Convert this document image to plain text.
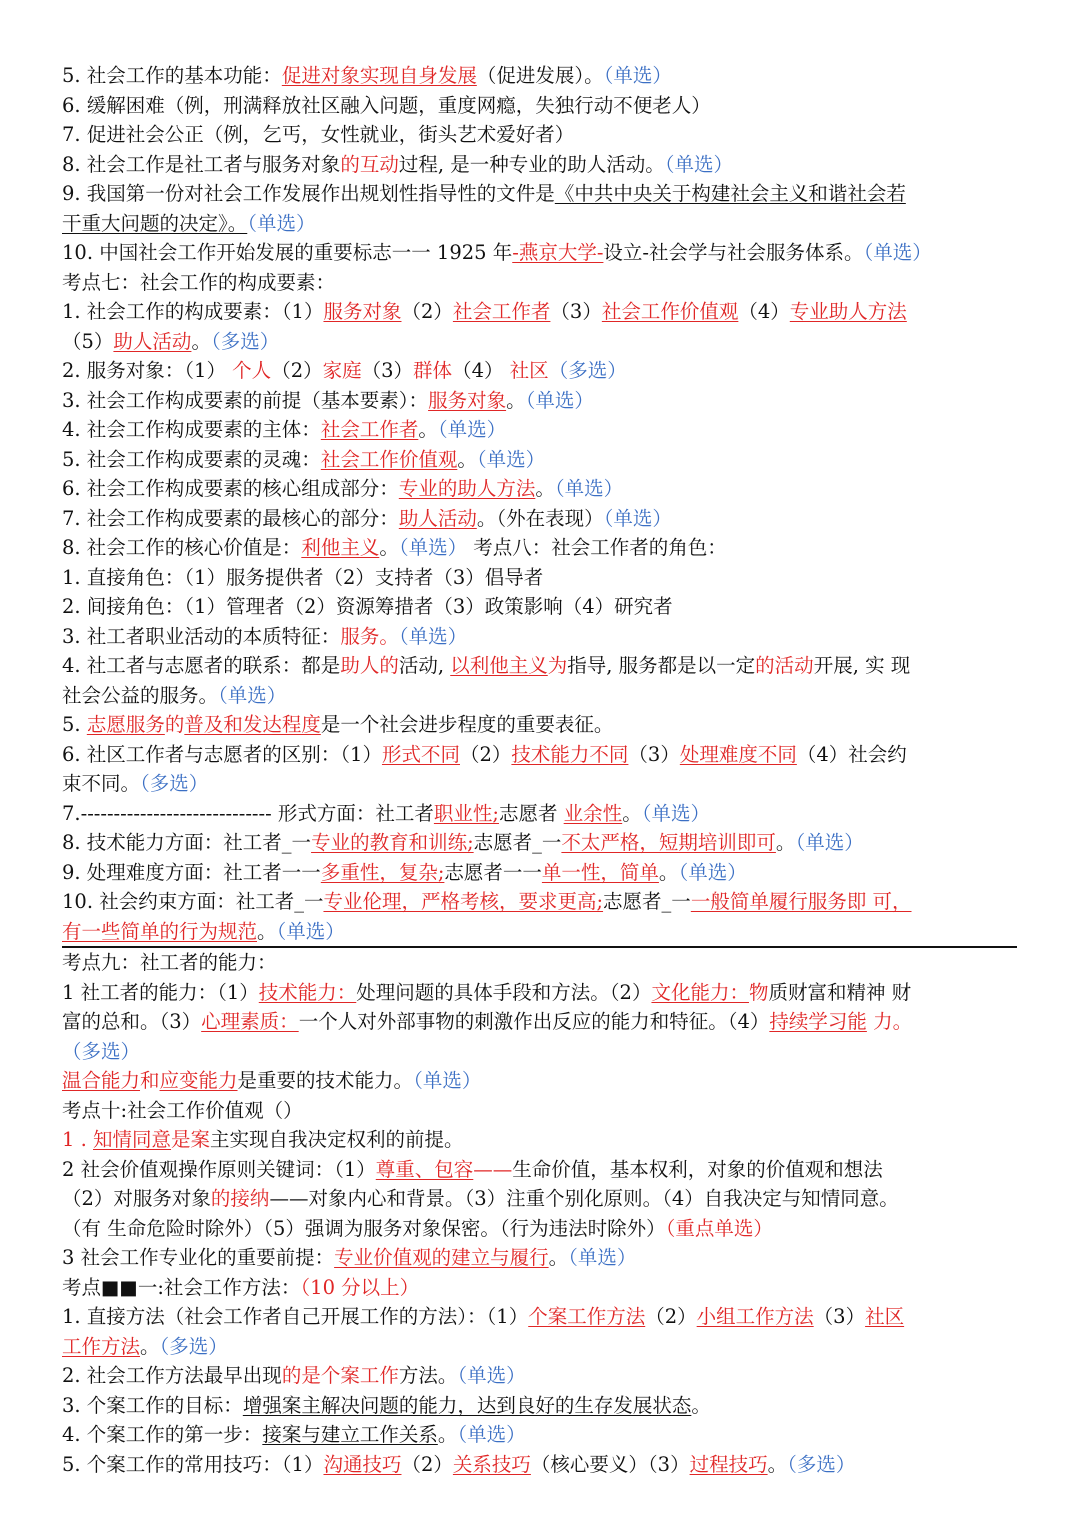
5. 社会工作的基本功能：促进对象实现自身发展（促进发展）。（单选）
6. 缓解困难（例，刑满释放社区融入问题，重度网瘾，失独行动不便老人）
7. 促进社会公正（例，乞丐，女性就业，街头艺术爱好者）
8. 社会工作是社工者与服务对象的互动过程, 是一种专业的助人活动。（单选）
9. 我国第一份对社会工作发展作出规划性指导性的文件是《中共中央关于构建社会主义和谐社会若
干重大问题的决定》。（单选）
10. 中国社会工作开始发展的重要标志一一 1925 年-燕京大学-设立-社会学与社会服务体系。（单选）
考点七：社会工作的构成要素：
1. 社会工作的构成要素：（1）服务对象（2）社会工作者（3）社会工作价值观（4）专业助人方法
（5）助人活动。（多选）
2. 服务对象：（1） 个人（2）家庭（3）群体（4） 社区（多选）
3. 社会工作构成要素的前提（基本要素）：服务对象。（单选）
4. 社会工作构成要素的主体：社会工作者。（单选）
5. 社会工作构成要素的灵魂：社会工作价值观。（单选）
6. 社会工作构成要素的核心组成部分：专业的助人方法。（单选）
7. 社会工作构成要素的最核心的部分：助人活动。（外在表现）（单选）
8. 社会工作的核心价值是：利他主义。（单选） 考点八：社会工作者的角色：
1. 直接角色：（1）服务提供者（2）支持者（3）倡导者
2. 间接角色：（1）管理者（2）资源筹措者（3）政策影响（4）研究者
3. 社工者职业活动的本质特征：服务。（单选）
4. 社工者与志愿者的联系：都是助人的活动, 以利他主义为指导, 服务都是以一定的活动开展, 实 现
社会公益的服务。（单选）
5. 志愿服务的普及和发达程度是一个社会进步程度的重要表征。
6. 社区工作者与志愿者的区别：（1）形式不同（2）技术能力不同（3）处理难度不同（4）社会约
束不同。（多选）
7.----------------------------- 形式方面：社工者职业性;志愿者 业余性。（单选）
8. 技术能力方面：社工者_一专业的教育和训练;志愿者_一不太严格，短期培训即可。（单选）
9. 处理难度方面：社工者一一多重性，复杂;志愿者一一单一性，简单。（单选）
10. 社会约束方面：社工者_一专业伦理，严格考核，要求更高;志愿者_一一般简单履行服务即 可，
有一些简单的行为规范。（单选）
考点九：社工者的能力：
1 社工者的能力：（1）技术能力：处理问题的具体手段和方法。（2）文化能力：物质财富和精神 财
富的总和。（3）心理素质：一个人对外部事物的刺激作出反应的能力和特征。（4）持续学习能 力。
（多选）
温合能力和应变能力是重要的技术能力。（单选）
考点十:社会工作价值观（）
1 . 知情同意是案主实现自我决定权利的前提。
2 社会价值观操作原则关键词：（1）尊重、包容——生命价值，基本权利，对象的价值观和想法
（2）对服务对象的接纳——对象内心和背景。（3）注重个别化原则。（4）自我决定与知情同意。
（有 生命危险时除外）（5）强调为服务对象保密。（行为违法时除外）（重点单选）
3 社会工作专业化的重要前提：专业价值观的建立与履行。（单选）
考点■■一:社会工作方法：（10 分以上）
1. 直接方法（社会工作者自己开展工作的方法）：（1）个案工作方法（2）小组工作方法（3）社区
工作方法。（多选）
2. 社会工作方法最早出现的是个案工作方法。（单选）
3. 个案工作的目标：增强案主解决问题的能力，达到良好的生存发展状态。
4. 个案工作的第一步：接案与建立工作关系。（单选）
5. 个案工作的常用技巧：（1）沟通技巧（2）关系技巧（核心要义）（3）过程技巧。（多选）
